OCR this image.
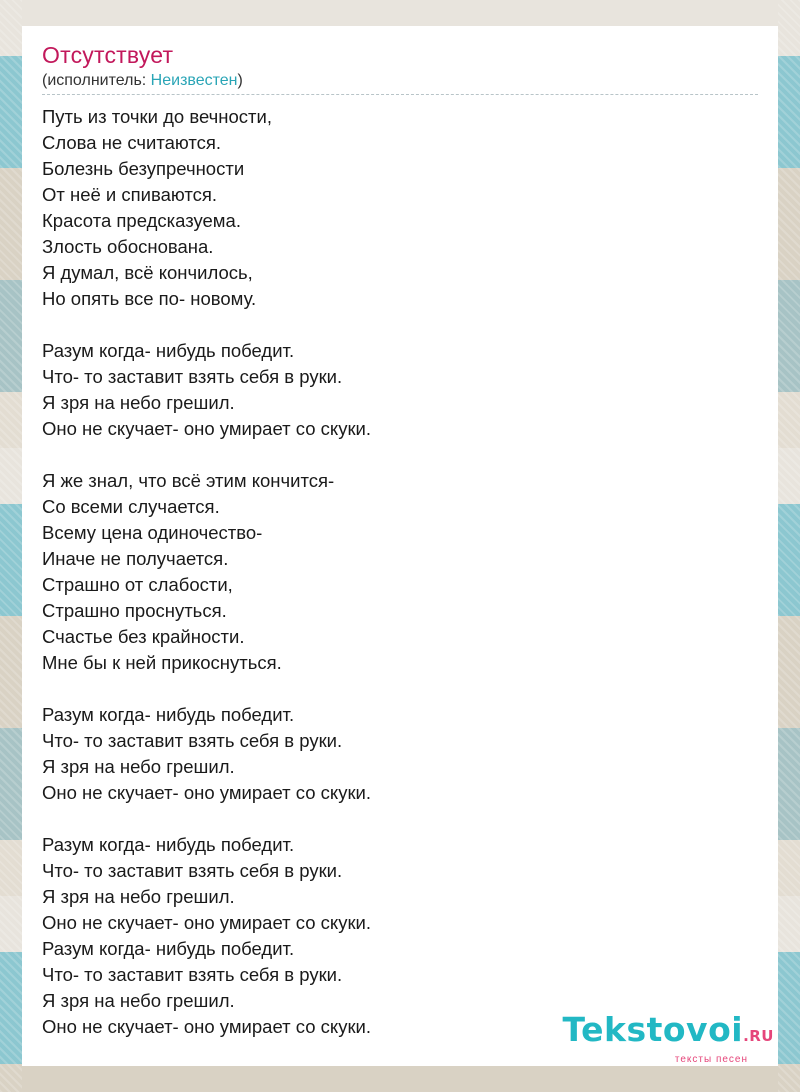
Отсутствует
(исполнитель: Неизвестен)
Путь из точки до вечности,
Слова не считаются.
Болезнь безупречности
От неё и спиваются.
Красота предсказуема.
Злость обоснована.
Я думал, всё кончилось,
Но опять все по- новому.
Разум когда- нибудь победит.
Что- то заставит взять себя в руки.
Я зря на небо грешил.
Оно не скучает- оно умирает со скуки.
Я же знал, что всё этим кончится-
Со всеми случается.
Всему цена одиночество-
Иначе не получается.
Страшно от слабости,
Страшно проснуться.
Счастье без крайности.
Мне бы к ней прикоснуться.
Разум когда- нибудь победит.
Что- то заставит взять себя в руки.
Я зря на небо грешил.
Оно не скучает- оно умирает со скуки.
Разум когда- нибудь победит.
Что- то заставит взять себя в руки.
Я зря на небо грешил.
Оно не скучает- оно умирает со скуки.
Разум когда- нибудь победит.
Что- то заставит взять себя в руки.
Я зря на небо грешил.
Оно не скучает- оно умирает со скуки.	Tekstovoi.RU
тексты песен
